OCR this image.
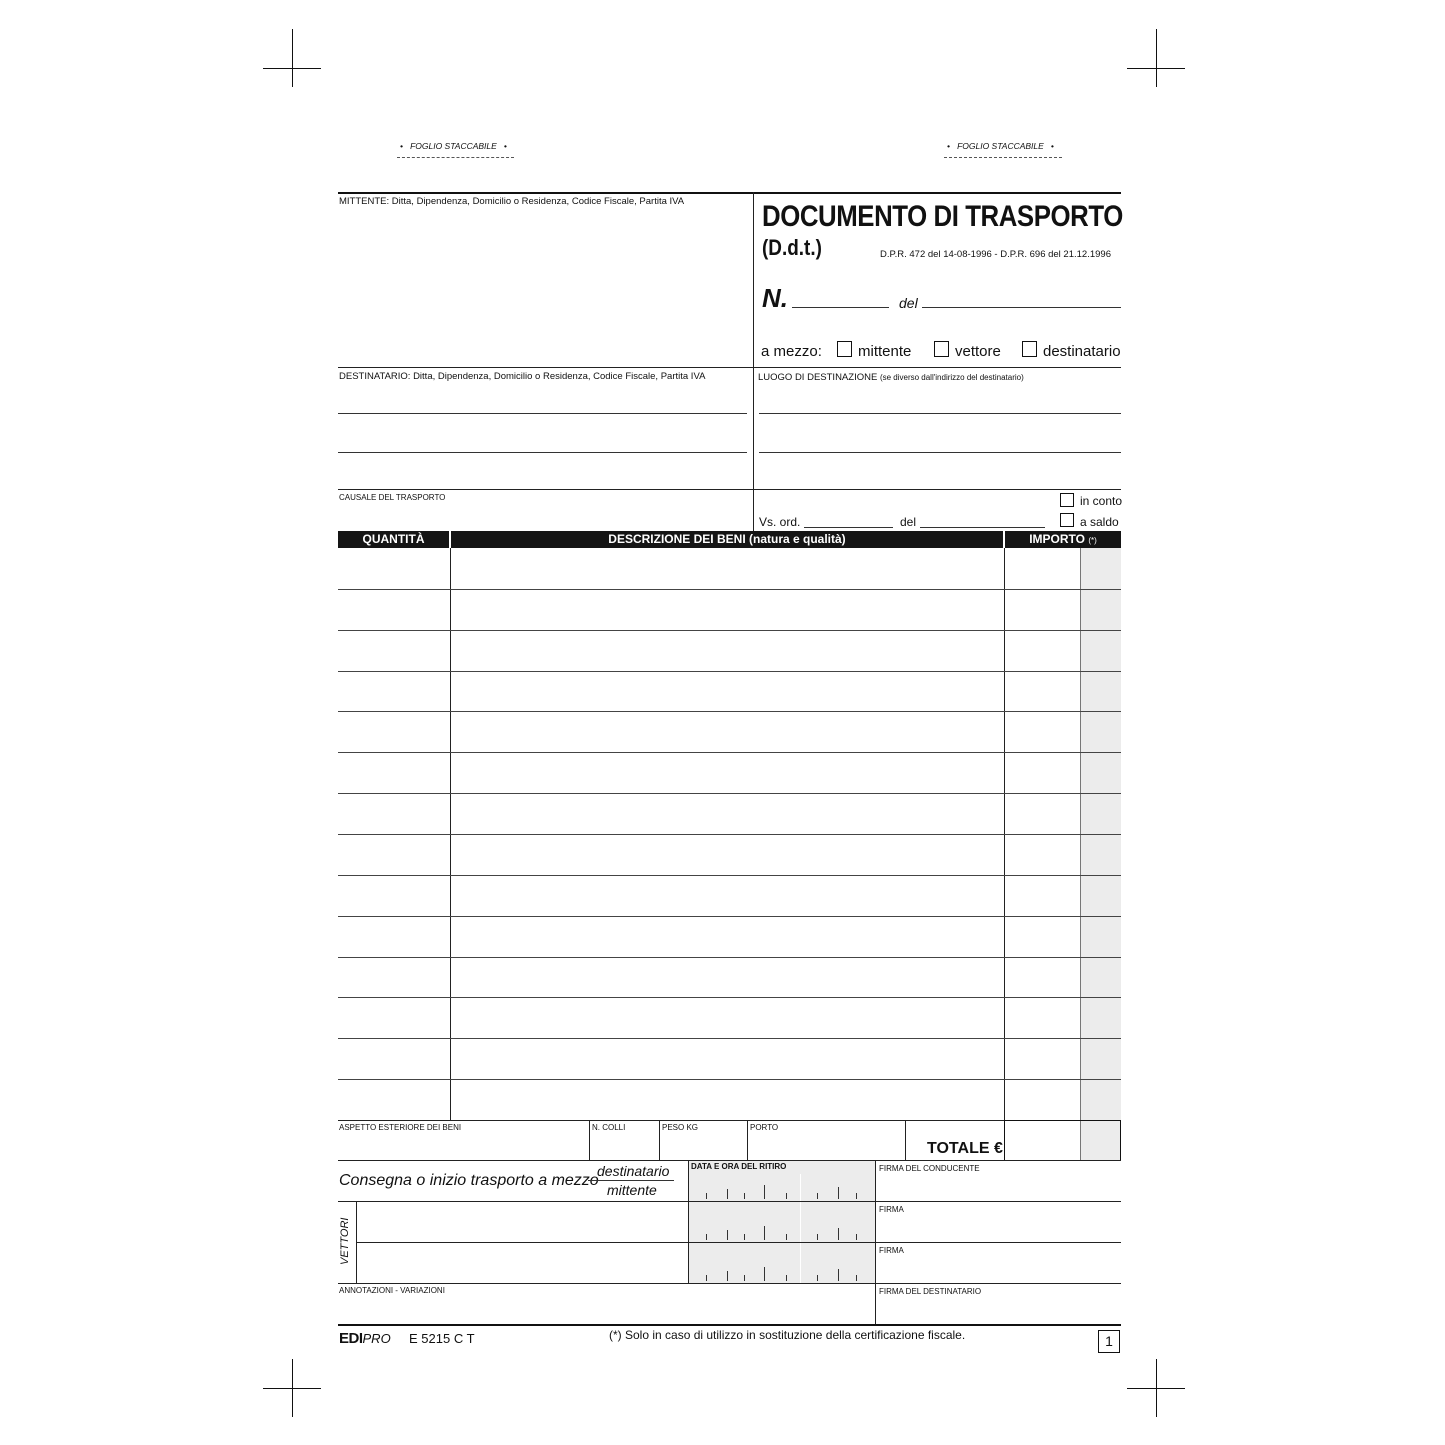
•   FOGLIO STACCABILE   •	•   FOGLIO STACCABILE   •
MITTENTE: Ditta, Dipendenza, Domicilio o Residenza, Codice Fiscale, Partita IVA	DOCUMENTO DI TRASPORTO
(D.d.t.)	D.P.R. 472 del 14-08-1996 - D.P.R. 696 del 21.12.1996
N.	del
a mezzo: mittente	vettore	destinatario
DESTINATARIO: Ditta, Dipendenza, Domicilio o Residenza, Codice Fiscale, Partita IVA	LUOGO DI DESTINAZIONE (se diverso dall'indirizzo del destinatario)
CAUSALE DEL TRASPORTO
Vs. ord.	del
in conto
a saldo
QUANTITÀ	DESCRIZIONE DEI BENI (natura e qualità)	IMPORTO (*)
ASPETTO ESTERIORE DEI BENI	N. COLLI	PESO KG	PORTO
TOTALE €
Consegna o inizio trasporto a mezzo
destinatario
mittente
DATA E ORA DEL RITIRO	FIRMA DEL CONDUCENTE
VETTORI
FIRMA
FIRMA
ANNOTAZIONI - VARIAZIONI	FIRMA DEL DESTINATARIO
EDIPRO E 5215 C T	(*) Solo in caso di utilizzo in sostituzione della certificazione fiscale.	1
